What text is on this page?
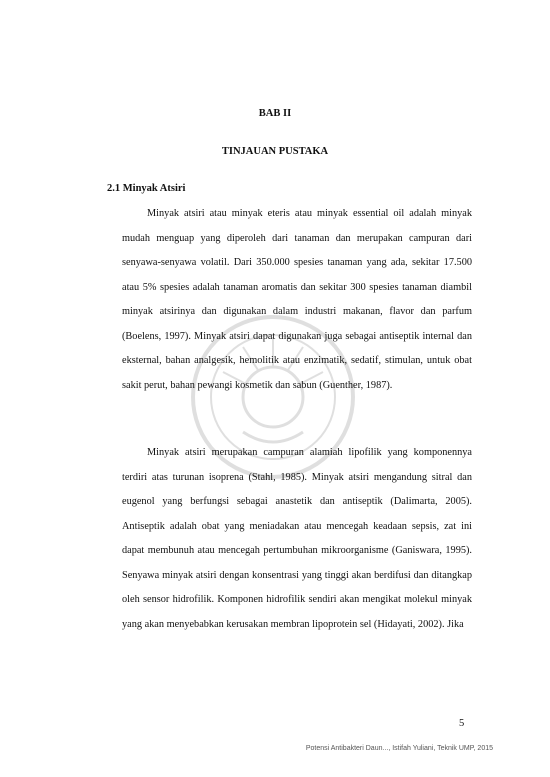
BAB II
TINJAUAN PUSTAKA
2.1 Minyak Atsiri

Minyak atsiri atau minyak eteris atau minyak essential oil adalah minyak mudah menguap yang diperoleh dari tanaman dan merupakan campuran dari senyawa-senyawa volatil. Dari 350.000 spesies tanaman yang ada, sekitar 17.500 atau 5% spesies adalah tanaman aromatis dan sekitar 300 spesies tanaman diambil minyak atsirinya dan digunakan dalam industri makanan, flavor dan parfum (Boelens, 1997). Minyak atsiri dapat digunakan juga sebagai antiseptik internal dan eksternal, bahan analgesik, hemolitik atau enzimatik, sedatif, stimulan, untuk obat sakit perut, bahan pewangi kosmetik dan sabun (Guenther, 1987).

Minyak atsiri merupakan campuran alamiah lipofilik yang komponennya terdiri atas turunan isoprena (Stahl, 1985). Minyak atsiri mengandung sitral dan eugenol yang berfungsi sebagai anastetik dan antiseptik (Dalimarta, 2005). Antiseptik adalah obat yang meniadakan atau mencegah keadaan sepsis, zat ini dapat membunuh atau mencegah pertumbuhan mikroorganisme (Ganiswara, 1995). Senyawa minyak atsiri dengan konsentrasi yang tinggi akan berdifusi dan ditangkap oleh sensor hidrofilik. Komponen hidrofilik sendiri akan mengikat molekul minyak yang akan menyebabkan kerusakan membran lipoprotein sel (Hidayati, 2002). Jika

5
Potensi Antibakteri Daun..., Istifah Yuliani, Teknik UMP, 2015
